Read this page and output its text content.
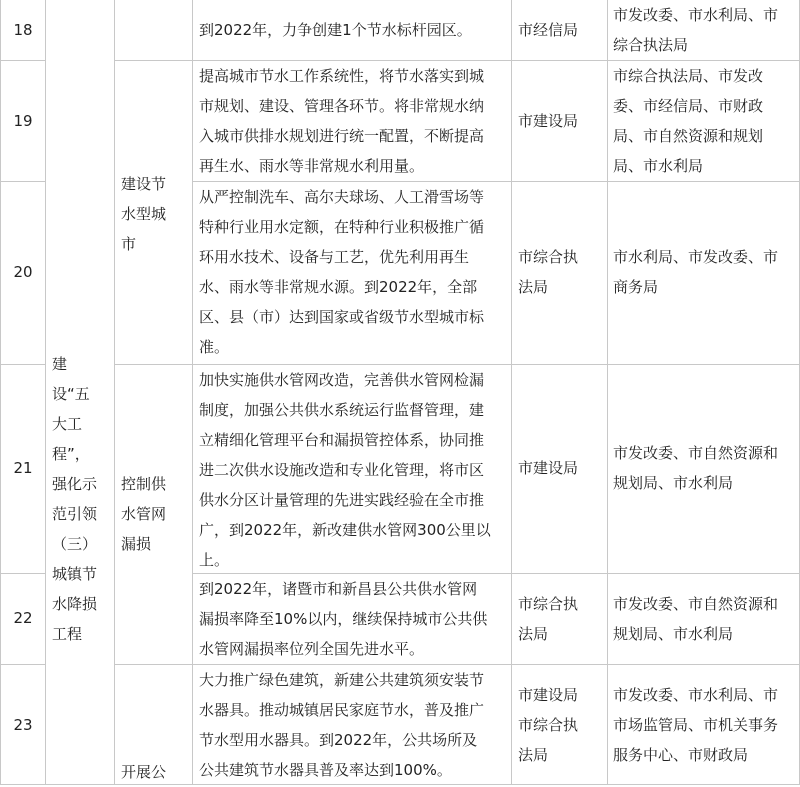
18
19
20
21
22
23
建
设“五
大工
程”，
强化示
范引领
（三）
城镇节
水降损
工程
建设节
水型城
市
控制供
水管网
漏损
开展公
到2022年，力争创建1个节水标杆园区。
提高城市节水工作系统性，将节水落实到城
市规划、建设、管理各环节。将非常规水纳
入城市供排水规划进行统一配置，不断提高
再生水、雨水等非常规水利用量。
从严控制洗车、高尔夫球场、人工滑雪场等
特种行业用水定额，在特种行业积极推广循
环用水技术、设备与工艺，优先利用再生
水、雨水等非常规水源。到2022年，全部
区、县（市）达到国家或省级节水型城市标
准。
加快实施供水管网改造，完善供水管网检漏
制度，加强公共供水系统运行监督管理，建
立精细化管理平台和漏损管控体系，协同推
进二次供水设施改造和专业化管理，将市区
供水分区计量管理的先进实践经验在全市推
广，到2022年，新改建供水管网300公里以
上。
到2022年，诸暨市和新昌县公共供水管网
漏损率降至10%以内，继续保持城市公共供
水管网漏损率位列全国先进水平。
大力推广绿色建筑，新建公共建筑须安装节
水器具。推动城镇居民家庭节水，普及推广
节水型用水器具。到2022年，公共场所及
公共建筑节水器具普及率达到100%。
市经信局
市建设局
市综合执
法局
市建设局
市综合执
法局
市建设局
市综合执
法局
市发改委、市水利局、市
综合执法局
市综合执法局、市发改
委、市经信局、市财政
局、市自然资源和规划
局、市水利局
市水利局、市发改委、市
商务局
市发改委、市自然资源和
规划局、市水利局
市发改委、市自然资源和
规划局、市水利局
市发改委、市水利局、市
市场监管局、市机关事务
服务中心、市财政局
